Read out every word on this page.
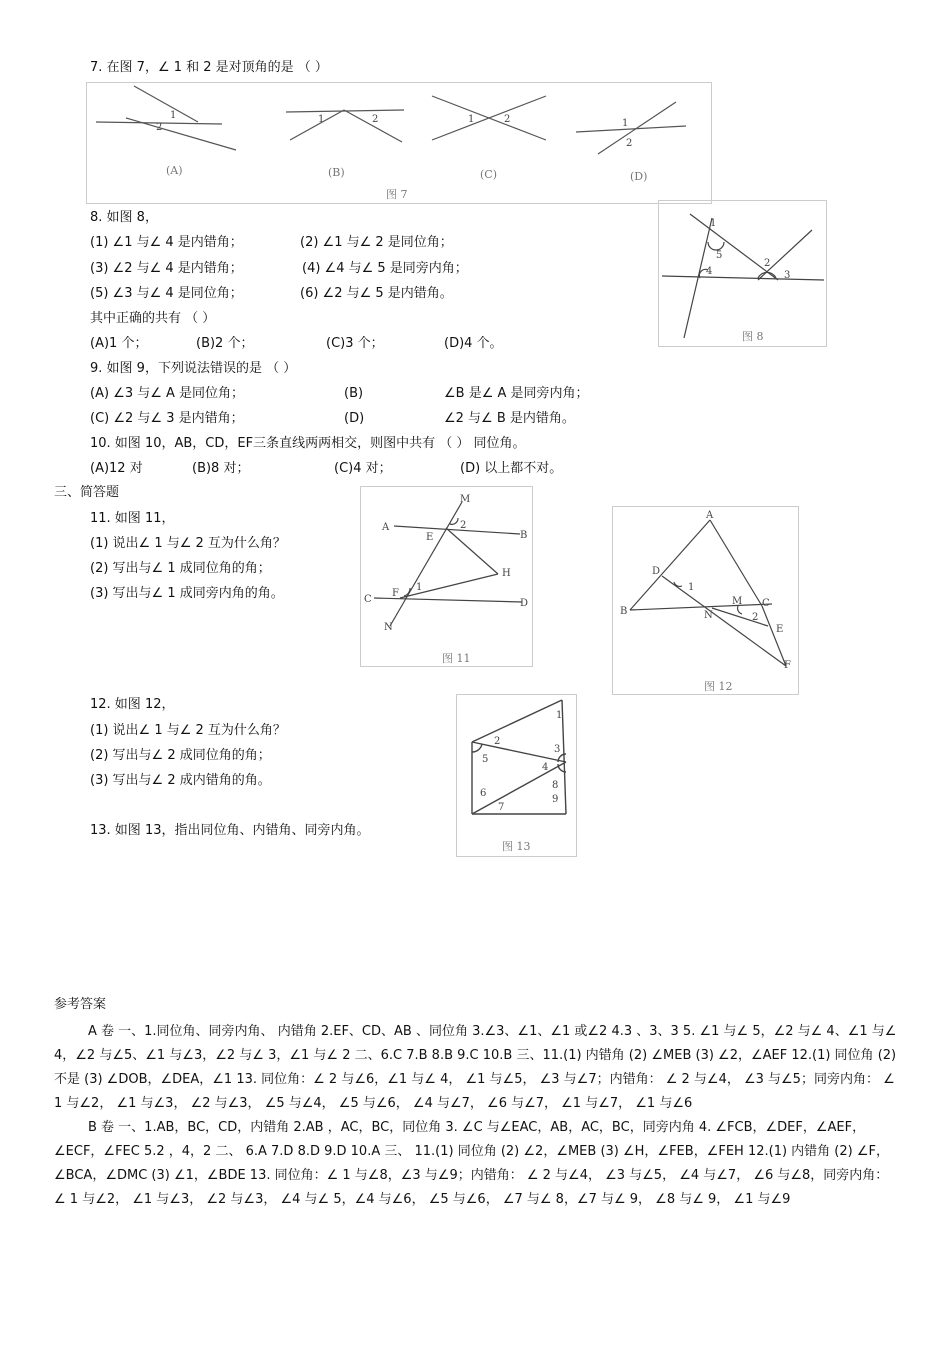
7. 在图 7，∠ 1 和 2 是对顶角的是 （ ）
1
2
1	2	1	2	1
2
(A)	(B)	(C)	(D)
图 7
8. 如图 8，
(1) ∠1 与∠ 4 是内错角；	(2) ∠1 与∠ 2 是同位角；
(3) ∠2 与∠ 4 是内错角；	(4) ∠4 与∠ 5 是同旁内角；
(5) ∠3 与∠ 4 是同位角；	(6) ∠2 与∠ 5 是内错角。
其中正确的共有 （ ）
(A)1 个；	(B)2 个；	(C)3 个；	(D)4 个。
1
5
4
2
3
图 8
9. 如图 9，下列说法错误的是 （ ）
(A) ∠3 与∠ A 是同位角；	(B)	∠B 是∠ A 是同旁内角；
(C) ∠2 与∠ 3 是内错角；	(D)	∠2 与∠ B 是内错角。
10. 如图 10，AB，CD，EF三条直线两两相交，则图中共有 （ ） 同位角。
(A)12 对	(B)8 对；	(C)4 对；	(D) 以上都不对。
三、简答题
11. 如图 11，
(1) 说出∠ 1 与∠ 2 互为什么角？
(2) 写出与∠ 1 成同位角的角；
(3) 写出与∠ 1 成同旁内角的角。
M
A
B
E
2
H
C
F
1
D
N
图 11
A
D
1
B	N
M C
2
E
F
图 12
12. 如图 12，
(1) 说出∠ 1 与∠ 2 互为什么角？
(2) 写出与∠ 2 成同位角的角；
(3) 写出与∠ 2 成内错角的角。
1
2
3
4
5
6
7
8
9
图 13
13. 如图 13，指出同位角、内错角、同旁内角。
参考答案
A 卷 一、1.同位角、同旁内角、 内错角 2.EF、CD、AB 、同位角 3.∠3、∠1、∠1 或∠2 4.3 、3、3 5. ∠1 与∠ 5，∠2 与∠ 4、∠1 与∠ 4，∠2 与∠5、∠1 与∠3，∠2 与∠ 3，∠1 与∠ 2 二、6.C 7.B 8.B 9.C 10.B 三、11.(1) 内错角 (2) ∠MEB (3) ∠2，∠AEF 12.(1) 同位角 (2) 不是 (3) ∠DOB，∠DEA，∠1 13. 同位角：∠ 2 与∠6，∠1 与∠ 4， ∠1 与∠5， ∠3 与∠7；内错角： ∠ 2 与∠4， ∠3 与∠5；同旁内角： ∠ 1 与∠2， ∠1 与∠3， ∠2 与∠3， ∠5 与∠4， ∠5 与∠6， ∠4 与∠7， ∠6 与∠7， ∠1 与∠7， ∠1 与∠6
B 卷 一、1.AB，BC，CD，内错角 2.AB ，AC，BC，同位角 3. ∠C 与∠EAC，AB，AC，BC，同旁内角 4. ∠FCB，∠DEF，∠AEF，∠ECF，∠FEC 5.2 ，4，2 二、 6.A 7.D 8.D 9.D 10.A 三、 11.(1) 同位角 (2) ∠2，∠MEB (3) ∠H，∠FEB，∠FEH 12.(1) 内错角 (2) ∠F，∠BCA，∠DMC (3) ∠1，∠BDE 13. 同位角：∠ 1 与∠8，∠3 与∠9；内错角： ∠ 2 与∠4， ∠3 与∠5， ∠4 与∠7， ∠6 与∠8，同旁内角： ∠ 1 与∠2， ∠1 与∠3， ∠2 与∠3， ∠4 与∠ 5，∠4 与∠6， ∠5 与∠6， ∠7 与∠ 8，∠7 与∠ 9， ∠8 与∠ 9， ∠1 与∠9
